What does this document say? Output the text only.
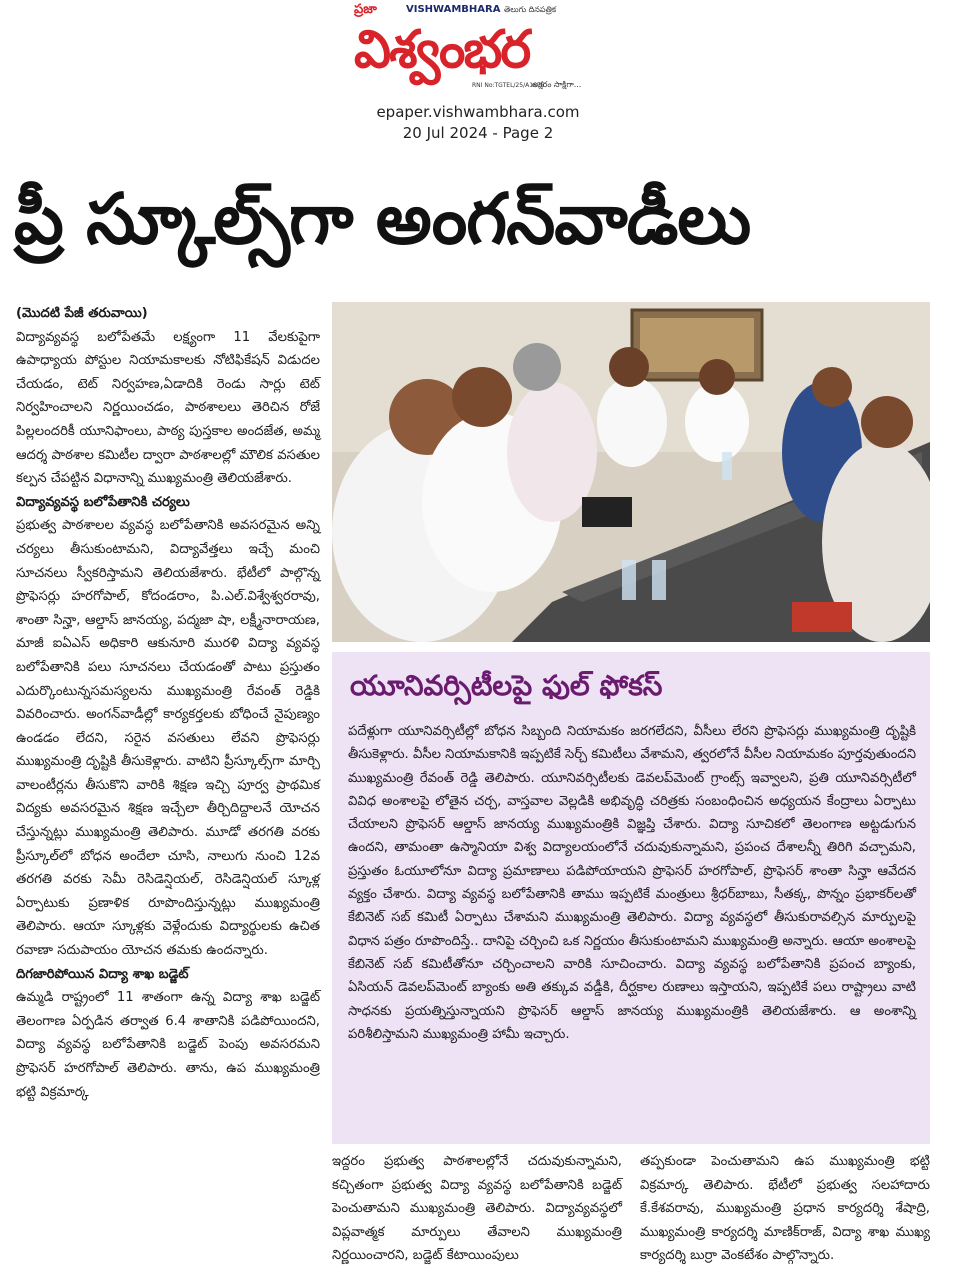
ప్రజా	VISHWAMBHARA తెలుగు దినపత్రిక
విశ్వంభర
RNI No:TGTEL/25/A1676
అక్షరం సాక్షిగా...
epaper.vishwambhara.com
20 Jul 2024 - Page 2
ప్రీ స్కూల్స్‌గా అంగన్‌వాడీలు

(మొదటి పేజీ తరువాయి)

విద్యావ్యవస్థ బలోపేతమే లక్ష్యంగా 11 వేలకుపైగా ఉపాధ్యాయ పోస్టుల నియామకాలకు నోటిఫికేషన్ విడుదల చేయడం, టెట్ నిర్వహణ,ఏడాదికి రెండు సార్లు టెట్ నిర్వహించాలని నిర్ణయించడం, పాఠశాలలు తెరిచిన రోజే పిల్లలందరికీ యూనిఫాంలు, పాఠ్య పుస్తకాల అందజేత, అమ్మ ఆదర్శ పాఠశాల కమిటీల ద్వారా పాఠశాలల్లో మౌలిక వసతుల కల్పన చేపట్టిన విధానాన్ని ముఖ్యమంత్రి తెలియజేశారు.

విద్యావ్యవస్థ బలోపేతానికి చర్యలు

ప్రభుత్వ పాఠశాలల వ్యవస్థ బలోపేతానికి అవసరమైన అన్ని చర్యలు తీసుకుంటామని, విద్యావేత్తలు ఇచ్చే మంచి సూచనలు స్వీకరిస్తామని తెలియజేశారు. భేటీలో పాల్గొన్న ప్రొఫెసర్లు హరగోపాల్, కోదండరాం, పి.ఎల్.విశ్వేశ్వరరావు, శాంతా సిన్హా, ఆల్డాస్ జానయ్య, పద్మజా షా, లక్ష్మీనారాయణ, మాజీ ఐఏఎస్ అధికారి ఆకునూరి మురళి విద్యా వ్యవస్థ బలోపేతానికి పలు సూచనలు చేయడంతో పాటు ప్రస్తుతం ఎదుర్కొంటున్నసమస్యలను ముఖ్యమంత్రి రేవంత్ రెడ్డికి వివరించారు. అంగన్‌వాడీల్లో కార్యకర్తలకు బోధించే నైపుణ్యం ఉండడం లేదని, సరైన వసతులు లేవని ప్రొఫెసర్లు ముఖ్యమంత్రి దృష్టికి తీసుకెళ్లారు. వాటిని ప్రీస్కూల్స్‌గా మార్చి వాలంటీర్లను తీసుకొని వారికి శిక్షణ ఇచ్చి పూర్వ ప్రాథమిక విద్యకు అవసరమైన శిక్షణ ఇచ్చేలా తీర్చిదిద్దాలనే యోచన చేస్తున్నట్లు ముఖ్యమంత్రి తెలిపారు. మూడో తరగతి వరకు ప్రీస్కూల్‌లో బోధన అందేలా చూసి, నాలుగు నుంచి 12వ తరగతి వరకు సెమీ రెసిడెన్షియల్, రెసిడెన్షియల్ స్కూళ్ల ఏర్పాటుకు ప్రణాళిక రూపొందిస్తున్నట్లు ముఖ్యమంత్రి తెలిపారు. ఆయా స్కూళ్లకు వెళ్లేందుకు విద్యార్థులకు ఉచిత రవాణా సదుపాయం యోచన తమకు ఉందన్నారు.

దిగజారిపోయిన విద్యా శాఖ బడ్జెట్

ఉమ్మడి రాష్ట్రంలో 11 శాతంగా ఉన్న విద్యా శాఖ బడ్జెట్ తెలంగాణ ఏర్పడిన తర్వాత 6.4 శాతానికి పడిపోయిందని, విద్యా వ్యవస్థ బలోపేతానికి బడ్జెట్ పెంపు అవసరమని ప్రొఫెసర్ హరగోపాల్ తెలిపారు. తాను, ఉప ముఖ్యమంత్రి భట్టి విక్రమార్క

యూనివర్సిటీలపై ఫుల్ ఫోకస్
పదేళ్లుగా యూనివర్సిటీల్లో బోధన సిబ్బంది నియామకం జరగలేదని, వీసీలు లేరని ప్రొఫెసర్లు ముఖ్యమంత్రి దృష్టికి తీసుకెళ్లారు. వీసీల నియామకానికి ఇప్పటికే సెర్చ్ కమిటీలు వేశామని, త్వరలోనే వీసీల నియామకం పూర్తవుతుందని ముఖ్యమంత్రి రేవంత్ రెడ్డి తెలిపారు. యూనివర్సిటీలకు డెవలప్‌మెంట్ గ్రాంట్స్ ఇవ్వాలని, ప్రతి యూనివర్సిటీలో వివిధ అంశాలపై లోతైన చర్చ, వాస్తవాల వెల్లడికి అభివృద్ధి చరిత్రకు సంబంధించిన అధ్యయన కేంద్రాలు ఏర్పాటు చేయాలని ప్రొఫెసర్ ఆల్డాస్ జానయ్య ముఖ్యమంత్రికి విజ్ఞప్తి చేశారు. విద్యా సూచికలో తెలంగాణ అట్టడుగున ఉందని, తామంతా ఉస్మానియా విశ్వ విద్యాలయంలోనే చదువుకున్నామని, ప్రపంచ దేశాలన్నీ తిరిగి వచ్చామని, ప్రస్తుతం ఓయూలోనూ విద్యా ప్రమాణాలు పడిపోయాయని ప్రొఫెసర్ హరగోపాల్, ప్రొఫెసర్ శాంతా సిన్హా ఆవేదన వ్యక్తం చేశారు. విద్యా వ్యవస్థ బలోపేతానికి తాము ఇప్పటికే మంత్రులు శ్రీధర్‌బాబు, సీతక్క, పొన్నం ప్రభాకర్‌లతో కేబినెట్ సబ్ కమిటీ ఏర్పాటు చేశామని ముఖ్యమంత్రి తెలిపారు. విద్యా వ్యవస్థలో తీసుకురావల్సిన మార్పులపై విధాన పత్రం రూపొందిస్తే.. దానిపై చర్చించి ఒక నిర్ణయం తీసుకుంటామని ముఖ్యమంత్రి అన్నారు. ఆయా అంశాలపై కేబినెట్ సబ్ కమిటీతోనూ చర్చించాలని వారికి సూచించారు. విద్యా వ్యవస్థ బలోపేతానికి ప్రపంచ బ్యాంకు, ఏసియన్ డెవలప్‌మెంట్ బ్యాంకు అతి తక్కువ వడ్డీకి, దీర్ఘకాల రుణాలు ఇస్తాయని, ఇప్పటికే పలు రాష్ట్రాలు వాటి సాధనకు ప్రయత్నిస్తున్నాయని ప్రొఫెసర్ ఆల్డాస్ జానయ్య ముఖ్యమంత్రికి తెలియజేశారు. ఆ అంశాన్ని పరిశీలిస్తామని ముఖ్యమంత్రి హామీ ఇచ్చారు.

ఇద్దరం ప్రభుత్వ పాఠశాలల్లోనే చదువుకున్నామని, కచ్చితంగా ప్రభుత్వ విద్యా వ్యవస్థ బలోపేతానికి బడ్జెట్ పెంచుతామని ముఖ్యమంత్రి తెలిపారు. విద్యావ్యవస్థలో విప్లవాత్మక మార్పులు తేవాలని ముఖ్యమంత్రి నిర్ణయించారని, బడ్జెట్ కేటాయింపులు

తప్పకుండా పెంచుతామని ఉప ముఖ్యమంత్రి భట్టి విక్రమార్క తెలిపారు. భేటీలో ప్రభుత్వ సలహాదారు కే.కేశవరావు, ముఖ్యమంత్రి ప్రధాన కార్యదర్శి శేషాద్రి, ముఖ్యమంత్రి కార్యదర్శి మాణిక్‌రాజ్, విద్యా శాఖ ముఖ్య కార్యదర్శి బుర్రా వెంకటేశం పాల్గొన్నారు.
